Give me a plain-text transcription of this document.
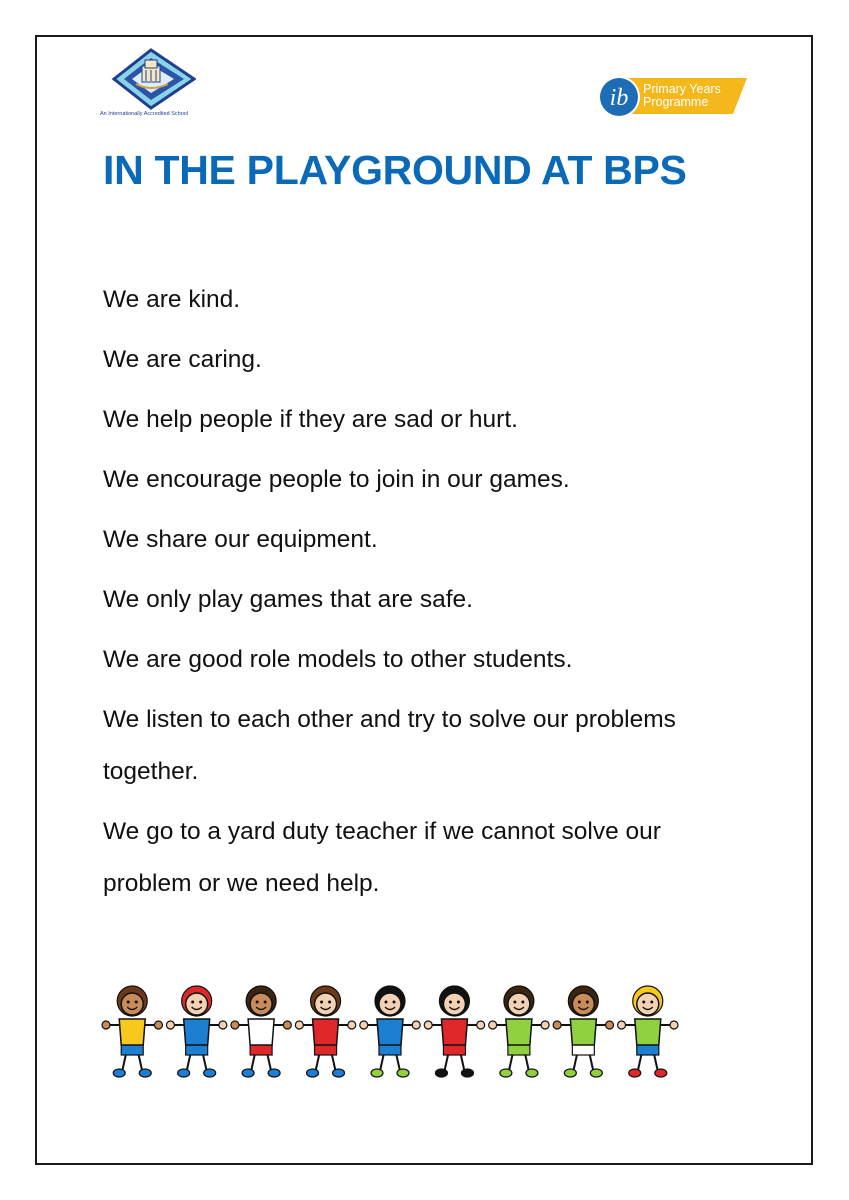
An Internationally Accredited School
ib Primary Years
Programme
IN THE PLAYGROUND AT BPS
We are kind.
We are caring.
We help people if they are sad or hurt.
We encourage people to join in our games.
We share our equipment.
We only play games that are safe.
We are good role models to other students.
We listen to each other and try to solve our problems together.
We go to a yard duty teacher if we cannot solve our problem or we need help.
